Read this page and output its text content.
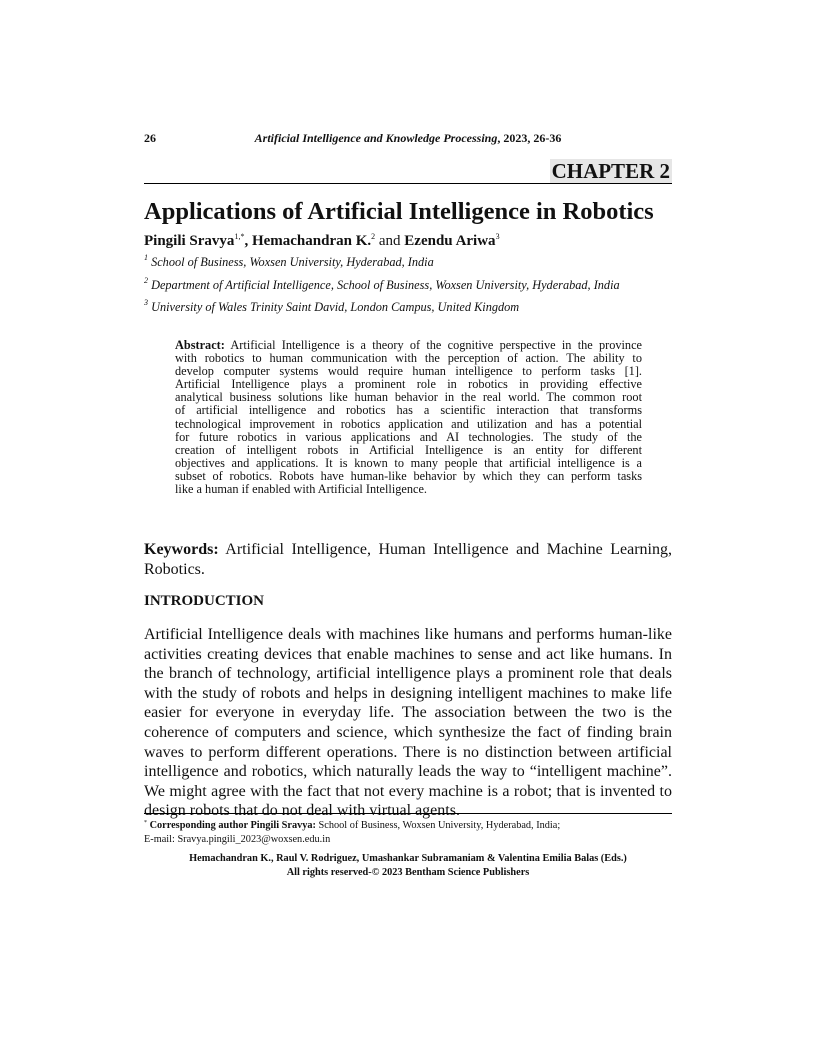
26	Artificial Intelligence and Knowledge Processing, 2023, 26-36
CHAPTER 2
Applications of Artificial Intelligence in Robotics
Pingili Sravya$^{1,*}$, Hemachandran K.$^2$ and Ezendu Ariwa$^3$
$^1$ School of Business, Woxsen University, Hyderabad, India
$^2$ Department of Artificial Intelligence, School of Business, Woxsen University, Hyderabad, India
$^3$ University of Wales Trinity Saint David, London Campus, United Kingdom
Abstract: Artificial Intelligence is a theory of the cognitive perspective in the province
with robotics to human communication with the perception of action. The ability to
develop computer systems would require human intelligence to perform tasks [1].
Artificial Intelligence plays a prominent role in robotics in providing effective
analytical business solutions like human behavior in the real world. The common root
of artificial intelligence and robotics has a scientific interaction that transforms
technological improvement in robotics application and utilization and has a potential
for future robotics in various applications and AI technologies. The study of the
creation of intelligent robots in Artificial Intelligence is an entity for different
objectives and applications. It is known to many people that artificial intelligence is a
subset of robotics. Robots have human-like behavior by which they can perform tasks
like a human if enabled with Artificial Intelligence.
Keywords: Artificial Intelligence, Human Intelligence and Machine Learning,
Robotics.
INTRODUCTION
Artificial Intelligence deals with machines like humans and performs human-like
activities creating devices that enable machines to sense and act like humans. In
the branch of technology, artificial intelligence plays a prominent role that deals
with the study of robots and helps in designing intelligent machines to make life
easier for everyone in everyday life. The association between the two is the
coherence of computers and science, which synthesize the fact of finding brain
waves to perform different operations. There is no distinction between artificial
intelligence and robotics, which naturally leads the way to “intelligent machine”.
We might agree with the fact that not every machine is a robot; that is invented to
design robots that do not deal with virtual agents.
* Corresponding author Pingili Sravya: School of Business, Woxsen University, Hyderabad, India;
E-mail: Sravya.pingili_2023@woxsen.edu.in
Hemachandran K., Raul V. Rodriguez, Umashankar Subramaniam & Valentina Emilia Balas (Eds.)
All rights reserved-© 2023 Bentham Science Publishers
